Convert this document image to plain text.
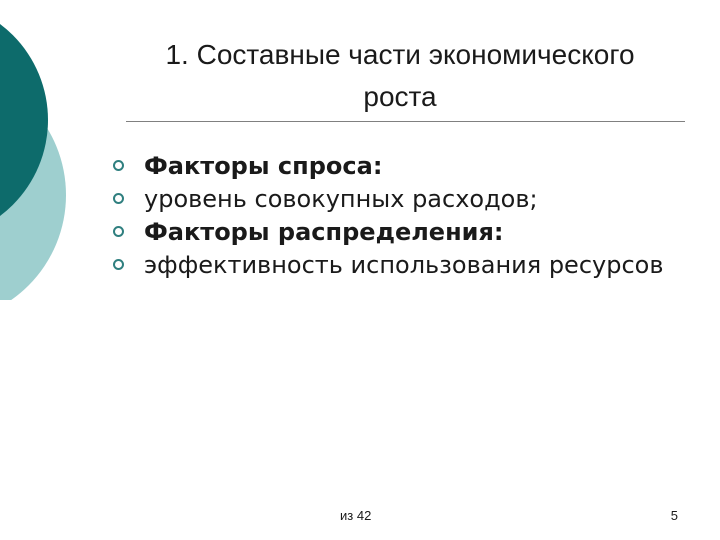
1. Составные части экономического
роста
Факторы спроса:
уровень совокупных расходов;
Факторы распределения:
эффективность использования ресурсов
из 42	5
